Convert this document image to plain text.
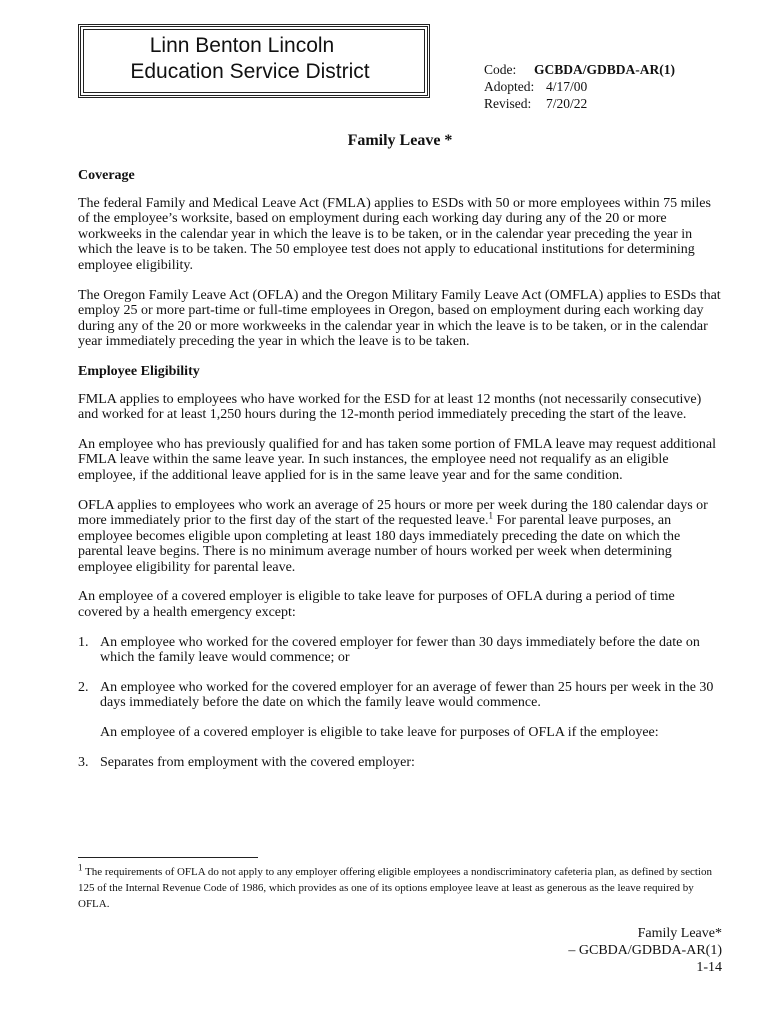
Linn Benton Lincoln
Education Service District	Code:	GCBDA/GDBDA-AR(1)
Adopted: 4/17/00
Revised:	7/20/22
Family Leave *
Coverage

The federal Family and Medical Leave Act (FMLA) applies to ESDs with 50 or more employees within 75 miles of the employee’s worksite, based on employment during each working day during any of the 20 or more workweeks in the calendar year in which the leave is to be taken, or in the calendar year preceding the year in which the leave is to be taken. The 50 employee test does not apply to educational institutions for determining employee eligibility.

The Oregon Family Leave Act (OFLA) and the Oregon Military Family Leave Act (OMFLA) applies to ESDs that employ 25 or more part-time or full-time employees in Oregon, based on employment during each working day during any of the 20 or more workweeks in the calendar year in which the leave is to be taken, or in the calendar year immediately preceding the year in which the leave is to be taken.

Employee Eligibility

FMLA applies to employees who have worked for the ESD for at least 12 months (not necessarily consecutive) and worked for at least 1,250 hours during the 12-month period immediately preceding the start of the leave.

An employee who has previously qualified for and has taken some portion of FMLA leave may request additional FMLA leave within the same leave year. In such instances, the employee need not requalify as an eligible employee, if the additional leave applied for is in the same leave year and for the same condition.

OFLA applies to employees who work an average of 25 hours or more per week during the 180 calendar days or more immediately prior to the first day of the start of the requested leave.$^1$ For parental leave purposes, an employee becomes eligible upon completing at least 180 days immediately preceding the date on which the parental leave begins. There is no minimum average number of hours worked per week when determining employee eligibility for parental leave.

An employee of a covered employer is eligible to take leave for purposes of OFLA during a period of time covered by a health emergency except:

1. An employee who worked for the covered employer for fewer than 30 days immediately before the date on which the family leave would commence; or
2. An employee who worked for the covered employer for an average of fewer than 25 hours per week in the 30 days immediately before the date on which the family leave would commence.

An employee of a covered employer is eligible to take leave for purposes of OFLA if the employee:

3. Separates from employment with the covered employer:
$^1$ The requirements of OFLA do not apply to any employer offering eligible employees a nondiscriminatory cafeteria plan, as defined by section 125 of the Internal Revenue Code of 1986, which provides as one of its options employee leave at least as generous as the leave required by OFLA.
Family Leave*
– GCBDA/GDBDA-AR(1)
1-14
